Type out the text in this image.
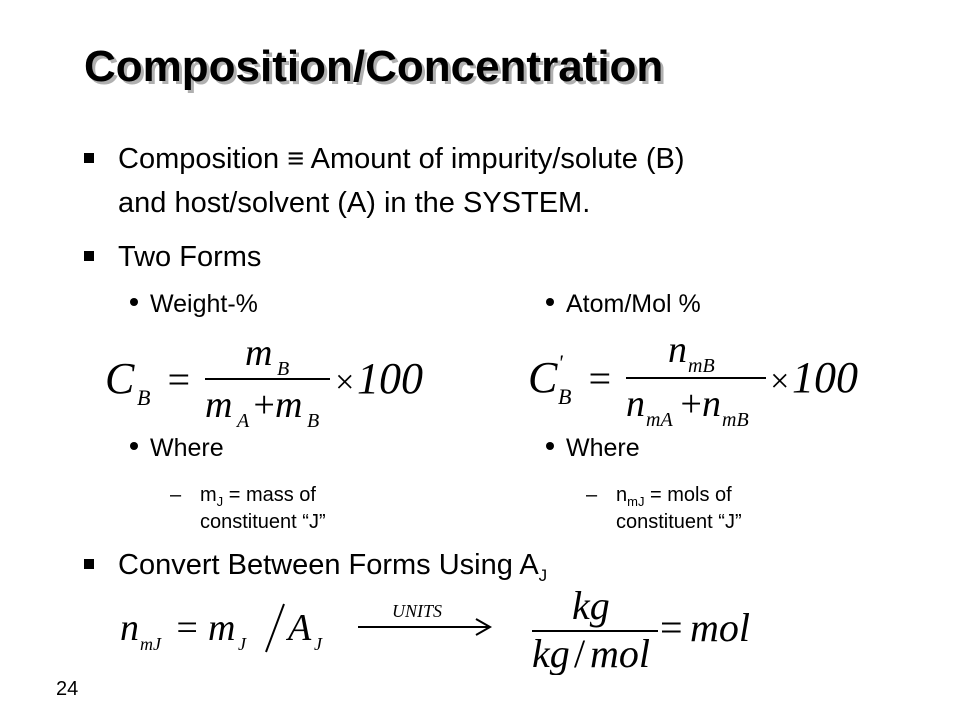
Composition/Concentration
Composition ≡ Amount of impurity/solute (B)
and host/solvent (A) in the SYSTEM.
Two Forms
Weight-%
C B =
m B
m A +
m B
× 100
Where
– $m_J$ = mass of
constituent “J”
Atom/Mol %
C '
B =
n mB
n mA +
n mB
× 100
Where
– $n_{mJ}$ = mols of
constituent “J”
Convert Between Forms Using $A_J$
n mJ = m J A J
UNITS	kg
kg / mol
= mol
24
